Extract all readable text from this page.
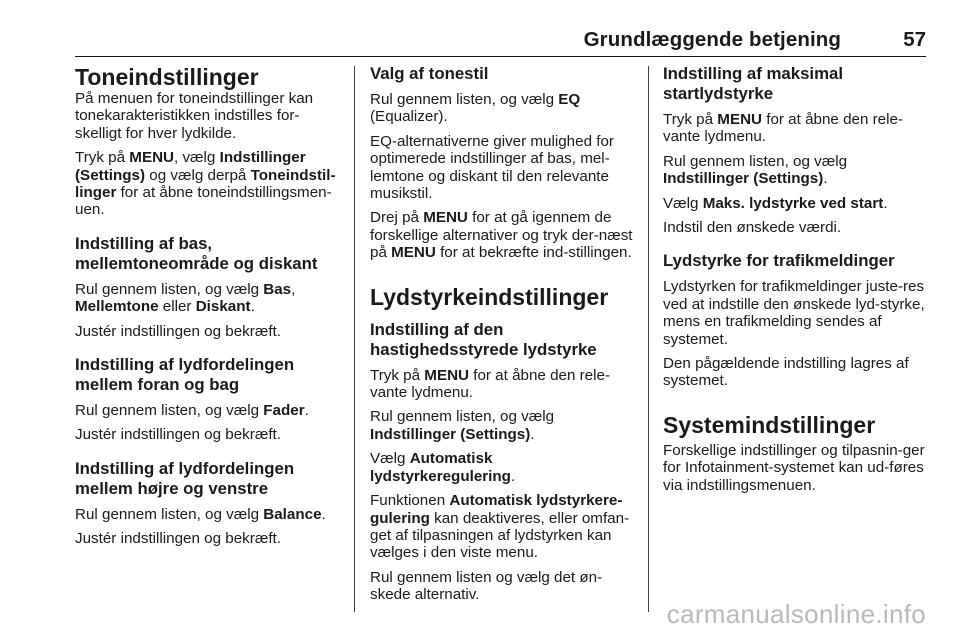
Grundlæggende betjening	57
Toneindstillinger

På menuen for toneindstillinger kan tonekarakteristikken indstilles for-skelligt for hver lydkilde.

Tryk på MENU, vælg Indstillinger (Settings) og vælg derpå Toneindstil-linger for at åbne toneindstillingsmen-uen.

Indstilling af bas, mellemtoneområde og diskant

Rul gennem listen, og vælg Bas, Mellemtone eller Diskant.

Justér indstillingen og bekræft.

Indstilling af lydfordelingen mellem foran og bag

Rul gennem listen, og vælg Fader.

Justér indstillingen og bekræft.

Indstilling af lydfordelingen mellem højre og venstre

Rul gennem listen, og vælg Balance.

Justér indstillingen og bekræft.

Valg af tonestil

Rul gennem listen, og vælg EQ (Equalizer).

EQ-alternativerne giver mulighed for optimerede indstillinger af bas, mel-lemtone og diskant til den relevante musikstil.

Drej på MENU for at gå igennem de forskellige alternativer og tryk der-næst på MENU for at bekræfte ind-stillingen.

Lydstyrkeindstillinger
Indstilling af den hastighedsstyrede lydstyrke

Tryk på MENU for at åbne den rele-vante lydmenu.

Rul gennem listen, og vælg Indstillinger (Settings).

Vælg Automatisk lydstyrkeregulering.

Funktionen Automatisk lydstyrkere-gulering kan deaktiveres, eller omfan-get af tilpasningen af lydstyrken kan vælges i den viste menu.

Rul gennem listen og vælg det øn-skede alternativ.

Indstilling af maksimal startlydstyrke

Tryk på MENU for at åbne den rele-vante lydmenu.

Rul gennem listen, og vælg Indstillinger (Settings).

Vælg Maks. lydstyrke ved start.

Indstil den ønskede værdi.

Lydstyrke for trafikmeldinger

Lydstyrken for trafikmeldinger juste-res ved at indstille den ønskede lyd-styrke, mens en trafikmelding sendes af systemet.

Den pågældende indstilling lagres af systemet.

Systemindstillinger

Forskellige indstillinger og tilpasnin-ger for Infotainment-systemet kan ud-føres via indstillingsmenuen.

carmanualsonline.info
